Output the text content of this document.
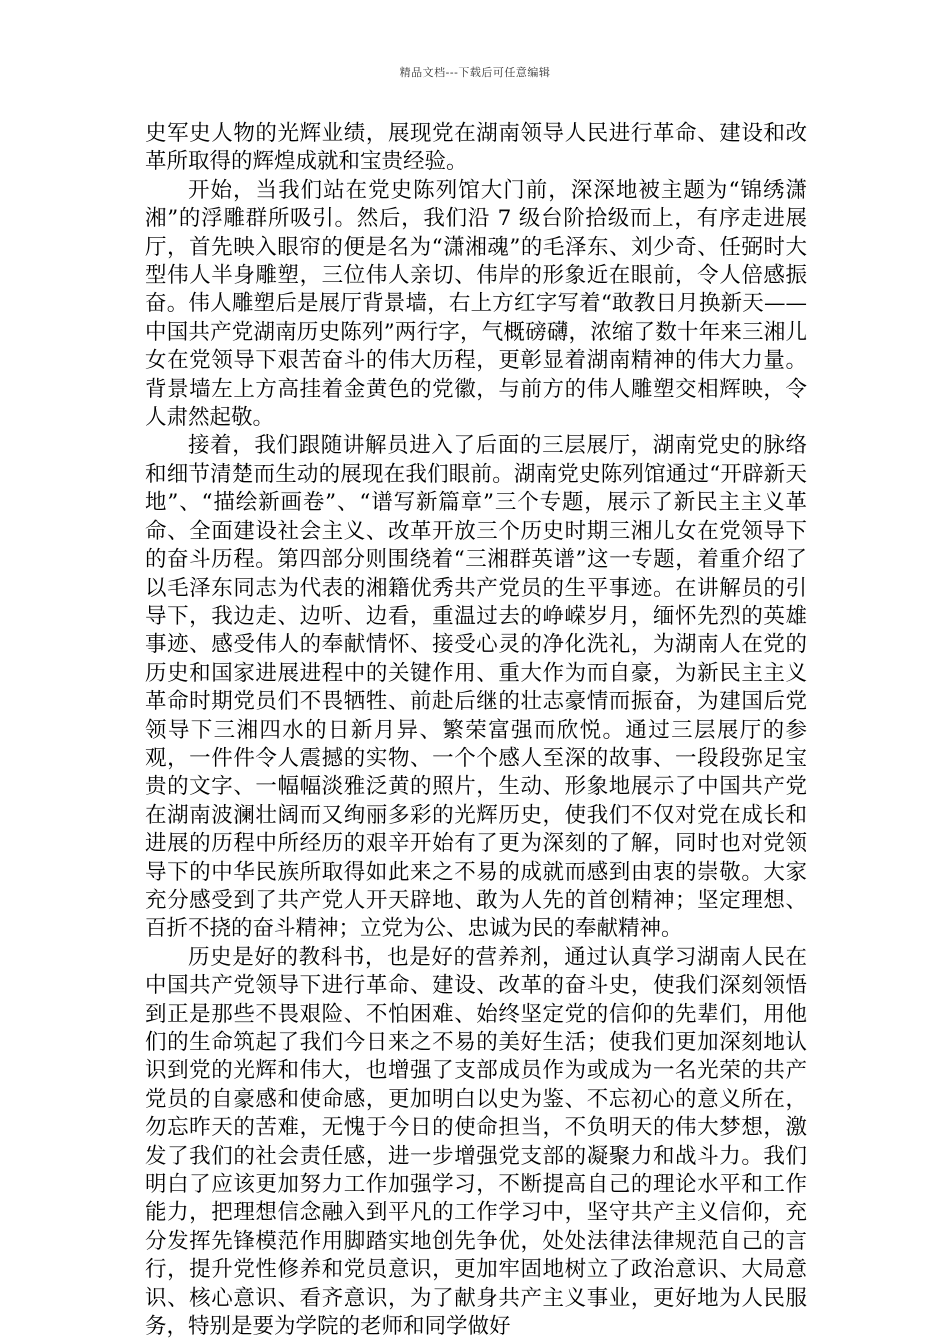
精品文档---下载后可任意编辑

史军史人物的光辉业绩，展现党在湖南领导人民进行革命、建设和改革所取得的辉煌成就和宝贵经验。

开始，当我们站在党史陈列馆大门前，深深地被主题为“锦绣潇湘”的浮雕群所吸引。然后，我们沿 7 级台阶拾级而上，有序走进展厅，首先映入眼帘的便是名为“潇湘魂”的毛泽东、刘少奇、任弼时大型伟人半身雕塑，三位伟人亲切、伟岸的形象近在眼前，令人倍感振奋。伟人雕塑后是展厅背景墙，右上方红字写着“敢教日月换新天——中国共产党湖南历史陈列”两行字，气概磅礴，浓缩了数十年来三湘儿女在党领导下艰苦奋斗的伟大历程，更彰显着湖南精神的伟大力量。背景墙左上方高挂着金黄色的党徽，与前方的伟人雕塑交相辉映，令人肃然起敬。

接着，我们跟随讲解员进入了后面的三层展厅，湖南党史的脉络和细节清楚而生动的展现在我们眼前。湖南党史陈列馆通过“开辟新天地”、“描绘新画卷”、“谱写新篇章”三个专题，展示了新民主主义革命、全面建设社会主义、改革开放三个历史时期三湘儿女在党领导下的奋斗历程。第四部分则围绕着“三湘群英谱”这一专题，着重介绍了以毛泽东同志为代表的湘籍优秀共产党员的生平事迹。在讲解员的引导下，我边走、边听、边看，重温过去的峥嵘岁月，缅怀先烈的英雄事迹、感受伟人的奉献情怀、接受心灵的净化洗礼，为湖南人在党的历史和国家进展进程中的关键作用、重大作为而自豪，为新民主主义革命时期党员们不畏牺牲、前赴后继的壮志豪情而振奋，为建国后党领导下三湘四水的日新月异、繁荣富强而欣悦。通过三层展厅的参观，一件件令人震撼的实物、一个个感人至深的故事、一段段弥足宝贵的文字、一幅幅淡雅泛黄的照片，生动、形象地展示了中国共产党在湖南波澜壮阔而又绚丽多彩的光辉历史，使我们不仅对党在成长和进展的历程中所经历的艰辛开始有了更为深刻的了解，同时也对党领导下的中华民族所取得如此来之不易的成就而感到由衷的崇敬。大家充分感受到了共产党人开天辟地、敢为人先的首创精神；坚定理想、百折不挠的奋斗精神；立党为公、忠诚为民的奉献精神。

历史是好的教科书，也是好的营养剂，通过认真学习湖南人民在中国共产党领导下进行革命、建设、改革的奋斗史，使我们深刻领悟到正是那些不畏艰险、不怕困难、始终坚定党的信仰的先辈们，用他们的生命筑起了我们今日来之不易的美好生活；使我们更加深刻地认识到党的光辉和伟大，也增强了支部成员作为或成为一名光荣的共产党员的自豪感和使命感，更加明白以史为鉴、不忘初心的意义所在，勿忘昨天的苦难，无愧于今日的使命担当，不负明天的伟大梦想，激发了我们的社会责任感，进一步增强党支部的凝聚力和战斗力。我们明白了应该更加努力工作加强学习，不断提高自己的理论水平和工作能力，把理想信念融入到平凡的工作学习中，坚守共产主义信仰，充分发挥先锋模范作用脚踏实地创先争优，处处法律法律规范自己的言行，提升党性修养和党员意识，更加牢固地树立了政治意识、大局意识、核心意识、看齐意识，为了献身共产主义事业，更好地为人民服务，特别是要为学院的老师和同学做好
